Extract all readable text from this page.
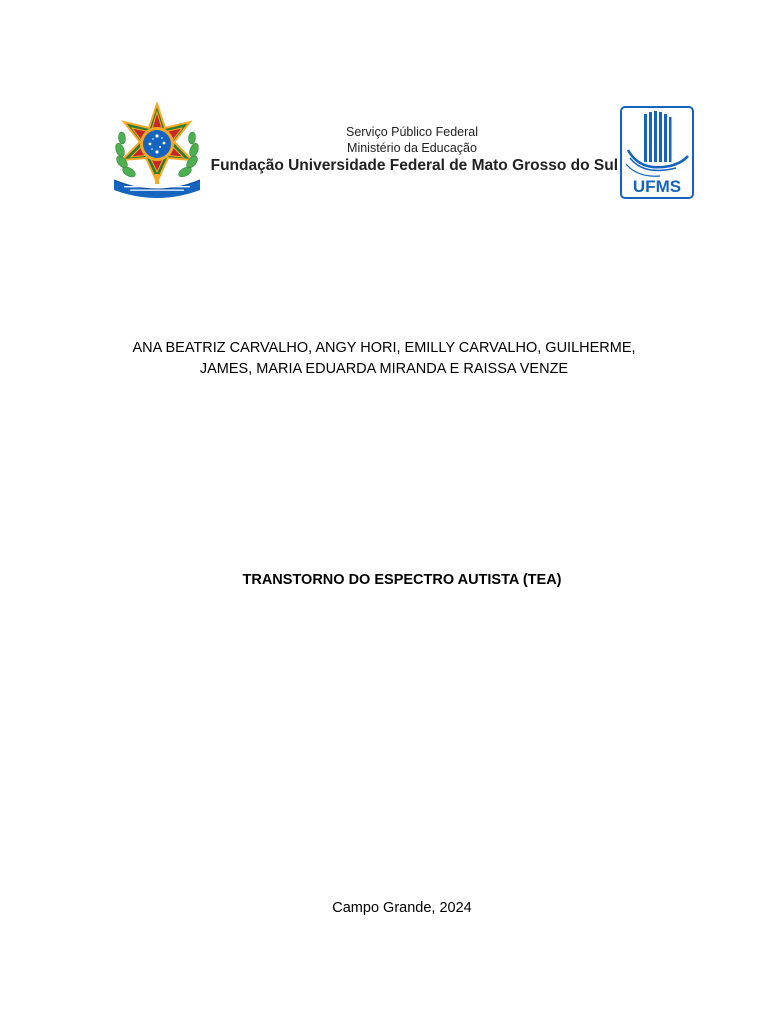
Serviço Público Federal
Ministério da Educação
Fundação Universidade Federal de Mato Grosso do Sul
UFMS
ANA BEATRIZ CARVALHO, ANGY HORI, EMILLY CARVALHO, GUILHERME,
JAMES, MARIA EDUARDA MIRANDA E RAISSA VENZE
TRANSTORNO DO ESPECTRO AUTISTA (TEA)
Campo Grande, 2024
